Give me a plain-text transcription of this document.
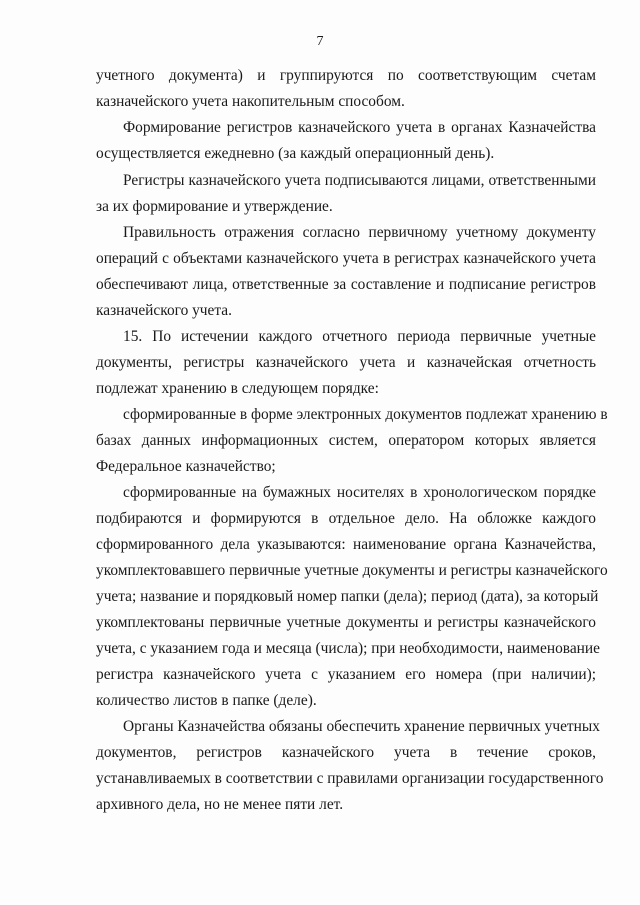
7
учетного документа) и группируются по соответствующим счетам
казначейского учета накопительным способом.
Формирование регистров казначейского учета в органах Казначейства
осуществляется ежедневно (за каждый операционный день).
Регистры казначейского учета подписываются лицами, ответственными
за их формирование и утверждение.
Правильность отражения согласно первичному учетному документу
операций с объектами казначейского учета в регистрах казначейского учета
обеспечивают лица, ответственные за составление и подписание регистров
казначейского учета.
15. По истечении каждого отчетного периода первичные учетные
документы, регистры казначейского учета и казначейская отчетность
подлежат хранению в следующем порядке:
сформированные в форме электронных документов подлежат хранению в
базах данных информационных систем, оператором которых является
Федеральное казначейство;
сформированные на бумажных носителях в хронологическом порядке
подбираются и формируются в отдельное дело. На обложке каждого
сформированного дела указываются: наименование органа Казначейства,
укомплектовавшего первичные учетные документы и регистры казначейского
учета; название и порядковый номер папки (дела); период (дата), за который
укомплектованы первичные учетные документы и регистры казначейского
учета, с указанием года и месяца (числа); при необходимости, наименование
регистра казначейского учета с указанием его номера (при наличии);
количество листов в папке (деле).
Органы Казначейства обязаны обеспечить хранение первичных учетных
документов, регистров казначейского учета в течение сроков,
устанавливаемых в соответствии с правилами организации государственного
архивного дела, но не менее пяти лет.
